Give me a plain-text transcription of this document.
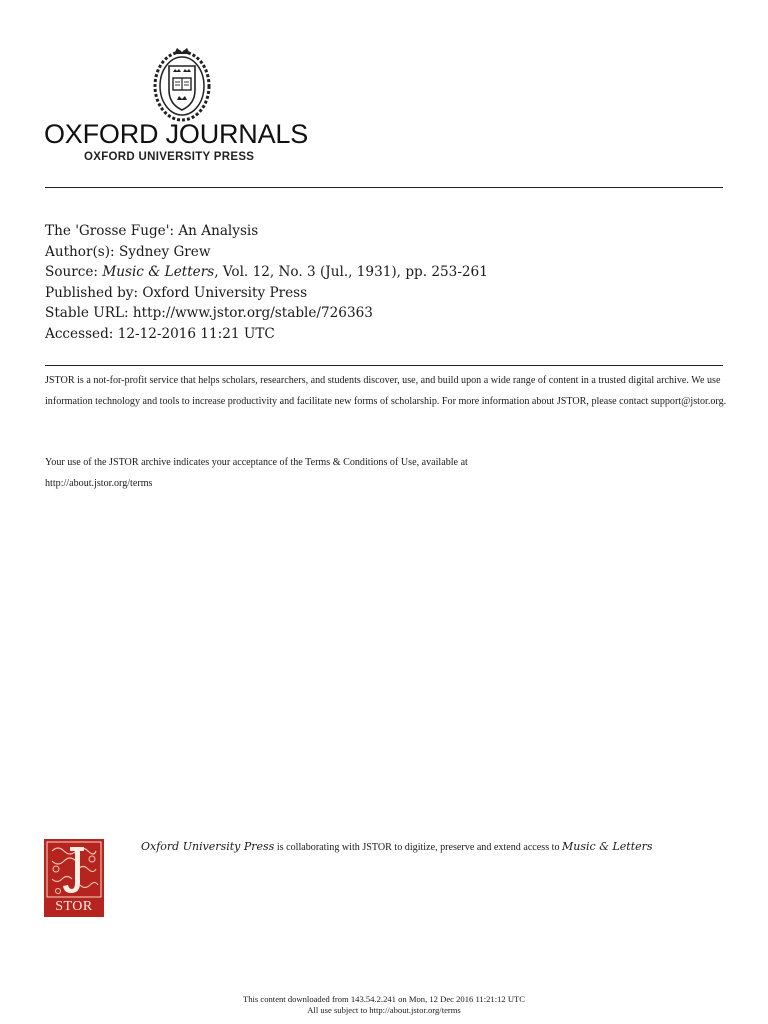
OXFORD JOURNALS
OXFORD UNIVERSITY PRESS
The 'Grosse Fuge': An Analysis
Author(s): Sydney Grew
Source: Music & Letters, Vol. 12, No. 3 (Jul., 1931), pp. 253-261
Published by: Oxford University Press
Stable URL: http://www.jstor.org/stable/726363
Accessed: 12-12-2016 11:21 UTC
JSTOR is a not-for-profit service that helps scholars, researchers, and students discover, use, and build upon a wide range of content in a trusted digital archive. We use information technology and tools to increase productivity and facilitate new forms of scholarship. For more information about JSTOR, please contact support@jstor.org.
Your use of the JSTOR archive indicates your acceptance of the Terms & Conditions of Use, available at
http://about.jstor.org/terms
STOR
Oxford University Press is collaborating with JSTOR to digitize, preserve and extend access to Music & Letters
This content downloaded from 143.54.2.241 on Mon, 12 Dec 2016 11:21:12 UTC
All use subject to http://about.jstor.org/terms
